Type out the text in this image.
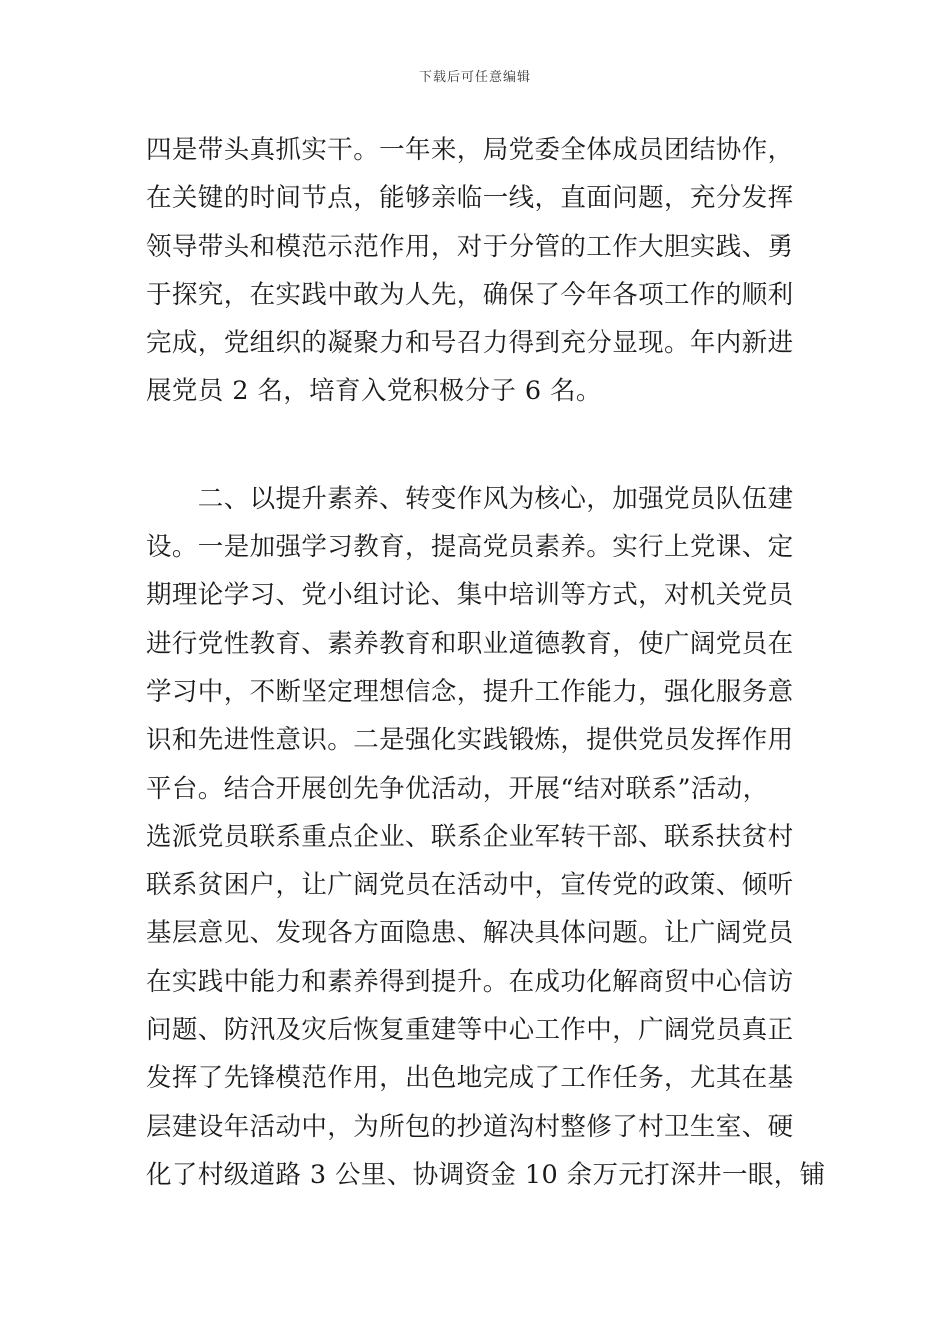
下载后可任意编辑
四是带头真抓实干。一年来，局党委全体成员团结协作，
在关键的时间节点，能够亲临一线，直面问题，充分发挥
领导带头和模范示范作用，对于分管的工作大胆实践、勇
于探究，在实践中敢为人先，确保了今年各项工作的顺利
完成，党组织的凝聚力和号召力得到充分显现。年内新进
展党员 2 名，培育入党积极分子 6 名。
　　二、以提升素养、转变作风为核心，加强党员队伍建
设。一是加强学习教育，提高党员素养。实行上党课、定
期理论学习、党小组讨论、集中培训等方式，对机关党员
进行党性教育、素养教育和职业道德教育，使广阔党员在
学习中，不断坚定理想信念，提升工作能力，强化服务意
识和先进性意识。二是强化实践锻炼，提供党员发挥作用
平台。结合开展创先争优活动，开展“结对联系”活动，
选派党员联系重点企业、联系企业军转干部、联系扶贫村
联系贫困户，让广阔党员在活动中，宣传党的政策、倾听
基层意见、发现各方面隐患、解决具体问题。让广阔党员
在实践中能力和素养得到提升。在成功化解商贸中心信访
问题、防汛及灾后恢复重建等中心工作中，广阔党员真正
发挥了先锋模范作用，出色地完成了工作任务，尤其在基
层建设年活动中，为所包的抄道沟村整修了村卫生室、硬
化了村级道路 3 公里、协调资金 10 余万元打深井一眼，铺
